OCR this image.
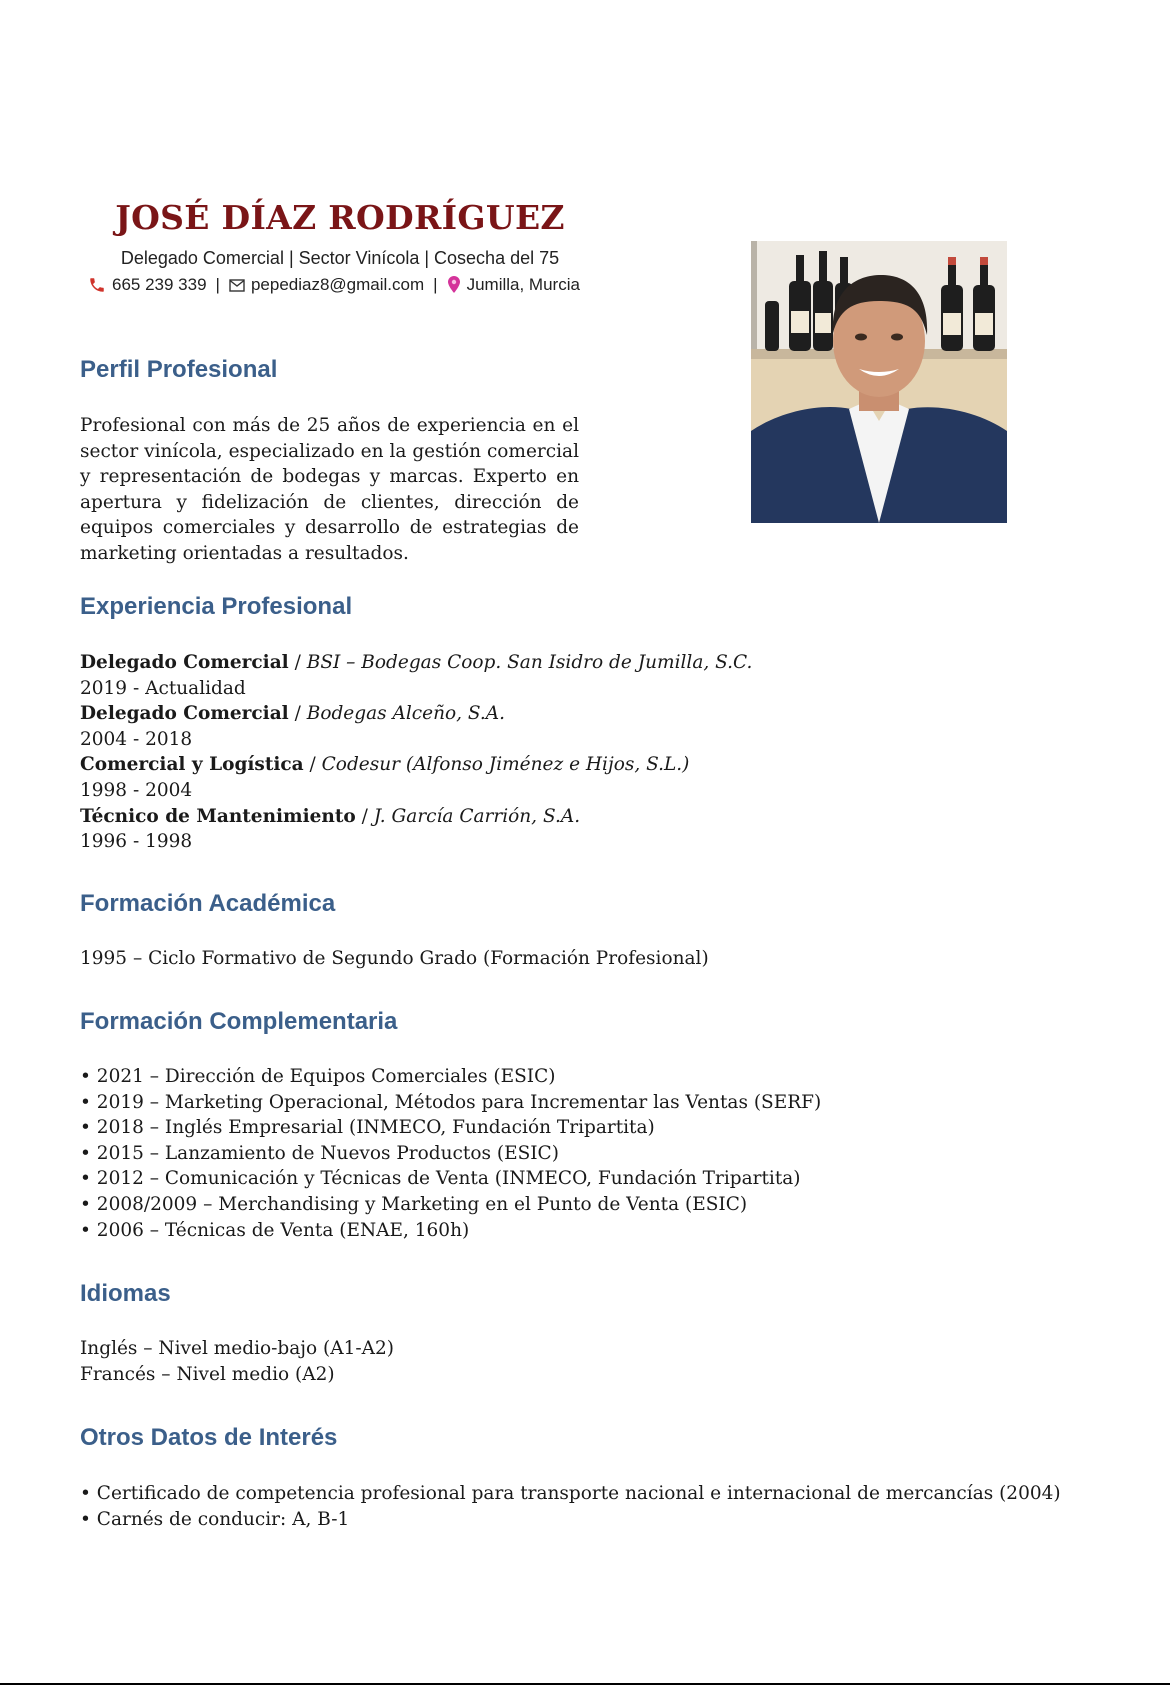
JOSÉ DÍAZ RODRÍGUEZ
Delegado Comercial | Sector Vinícola | Cosecha del 75
665 239 339 | pepediaz8@gmail.com | Jumilla, Murcia
Perfil Profesional

Profesional con más de 25 años de experiencia en el sector vinícola, especializado en la gestión comercial y representación de bodegas y marcas. Experto en apertura y fidelización de clientes, dirección de equipos comerciales y desarrollo de estrategias de marketing orientadas a resultados.

Experiencia Profesional
Delegado Comercial / BSI – Bodegas Coop. San Isidro de Jumilla, S.C.
2019 - Actualidad
Delegado Comercial / Bodegas Alceño, S.A.
2004 - 2018
Comercial y Logística / Codesur (Alfonso Jiménez e Hijos, S.L.)
1998 - 2004
Técnico de Mantenimiento / J. García Carrión, S.A.
1996 - 1998
Formación Académica
1995 – Ciclo Formativo de Segundo Grado (Formación Profesional)
Formación Complementaria
• 2021 – Dirección de Equipos Comerciales (ESIC)
• 2019 – Marketing Operacional, Métodos para Incrementar las Ventas (SERF)
• 2018 – Inglés Empresarial (INMECO, Fundación Tripartita)
• 2015 – Lanzamiento de Nuevos Productos (ESIC)
• 2012 – Comunicación y Técnicas de Venta (INMECO, Fundación Tripartita)
• 2008/2009 – Merchandising y Marketing en el Punto de Venta (ESIC)
• 2006 – Técnicas de Venta (ENAE, 160h)
Idiomas
Inglés – Nivel medio-bajo (A1-A2)
Francés – Nivel medio (A2)
Otros Datos de Interés
• Certificado de competencia profesional para transporte nacional e internacional de mercancías (2004)
• Carnés de conducir: A, B-1
